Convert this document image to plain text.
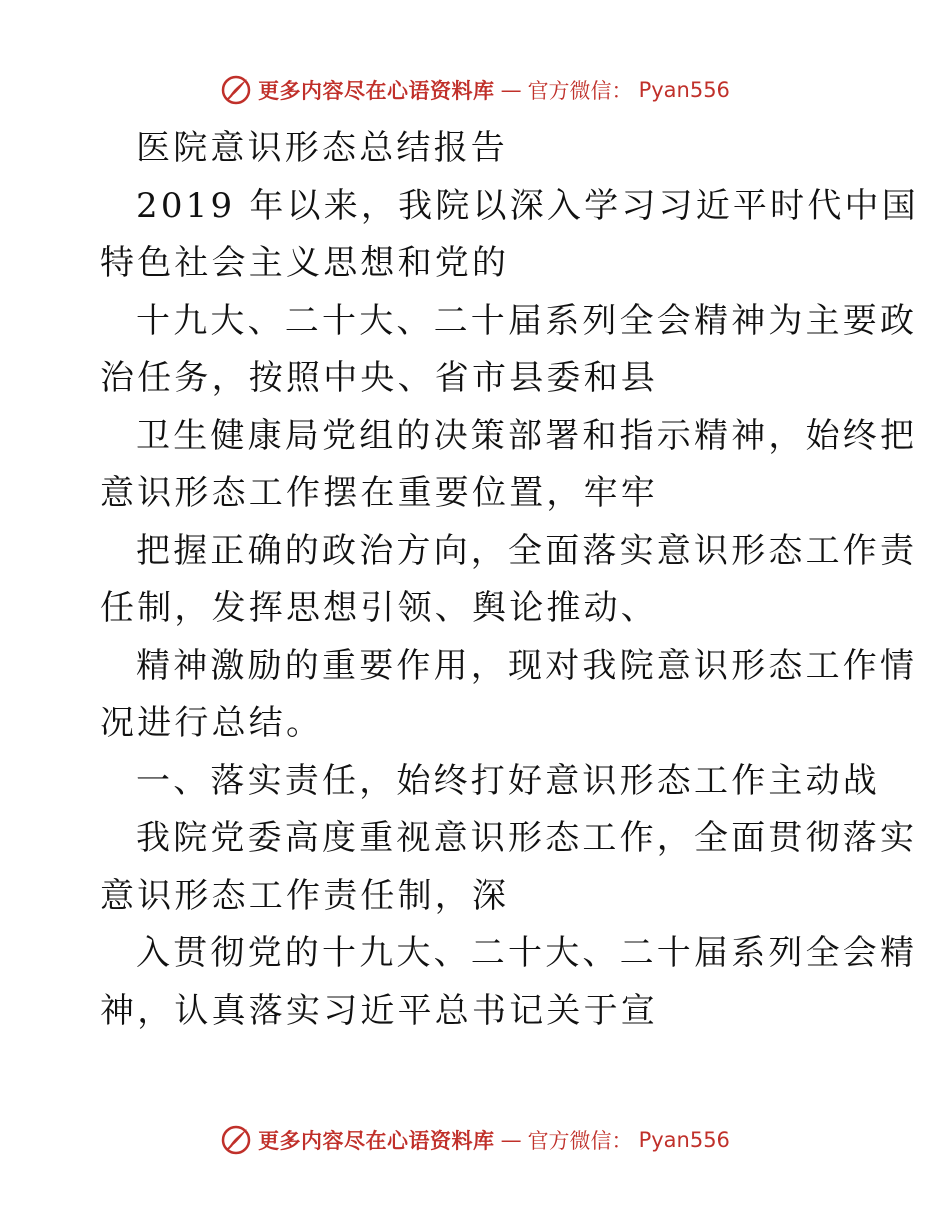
更多内容尽在心语资料库 — 官方微信： Pyan556
医院意识形态总结报告
2019 年以来，我院以深入学习习近平时代中国
特色社会主义思想和党的
十九大、二十大、二十届系列全会精神为主要政
治任务，按照中央、省市县委和县
卫生健康局党组的决策部署和指示精神，始终把
意识形态工作摆在重要位置，牢牢
把握正确的政治方向，全面落实意识形态工作责
任制，发挥思想引领、舆论推动、
精神激励的重要作用，现对我院意识形态工作情
况进行总结。
一、落实责任，始终打好意识形态工作主动战
我院党委高度重视意识形态工作，全面贯彻落实
意识形态工作责任制，深
入贯彻党的十九大、二十大、二十届系列全会精
神，认真落实习近平总书记关于宣
更多内容尽在心语资料库 — 官方微信： Pyan556
